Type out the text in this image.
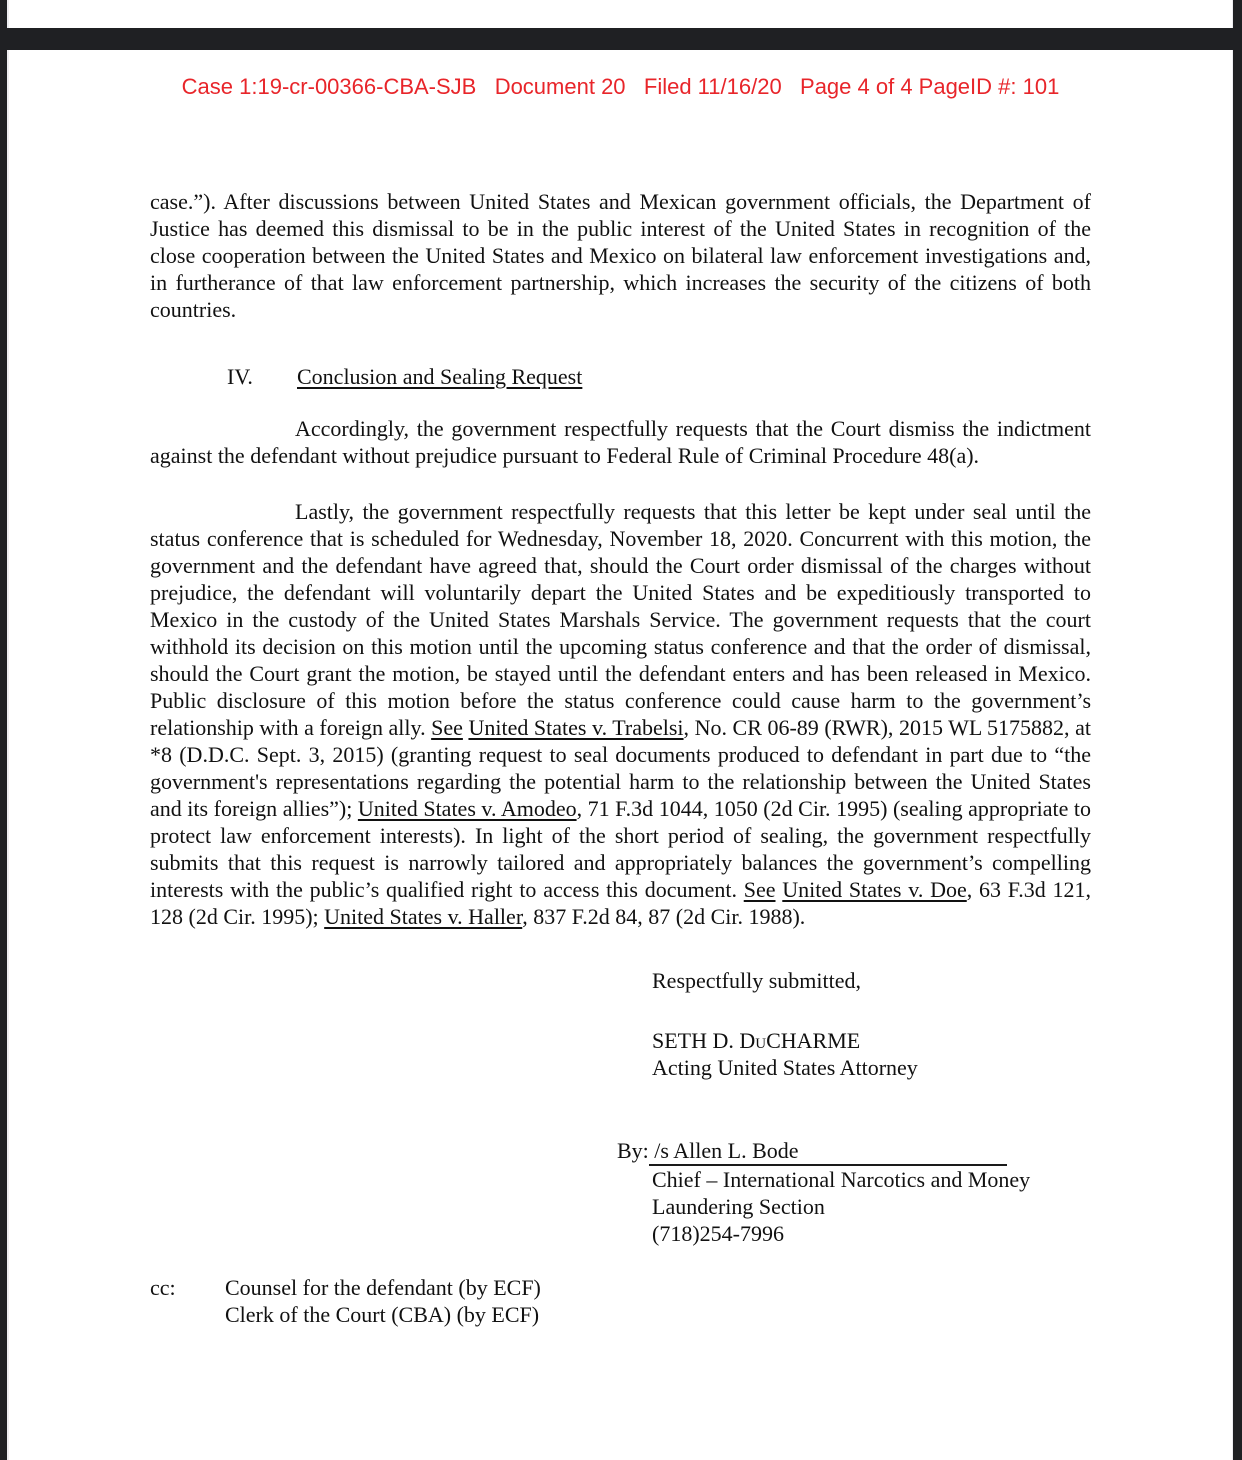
Case 1:19-cr-00366-CBA-SJB   Document 20   Filed 11/16/20   Page 4 of 4 PageID #: 101

case.”). After discussions between United States and Mexican government officials, the Department of Justice has deemed this dismissal to be in the public interest of the United States in recognition of the close cooperation between the United States and Mexico on bilateral law enforcement investigations and, in furtherance of that law enforcement partnership, which increases the security of the citizens of both countries.

IV. Conclusion and Sealing Request

Accordingly, the government respectfully requests that the Court dismiss the indictment against the defendant without prejudice pursuant to Federal Rule of Criminal Procedure 48(a).

Lastly, the government respectfully requests that this letter be kept under seal until the status conference that is scheduled for Wednesday, November 18, 2020. Concurrent with this motion, the government and the defendant have agreed that, should the Court order dismissal of the charges without prejudice, the defendant will voluntarily depart the United States and be expeditiously transported to Mexico in the custody of the United States Marshals Service. The government requests that the court withhold its decision on this motion until the upcoming status conference and that the order of dismissal, should the Court grant the motion, be stayed until the defendant enters and has been released in Mexico. Public disclosure of this motion before the status conference could cause harm to the government’s relationship with a foreign ally. See United States v. Trabelsi, No. CR 06-89 (RWR), 2015 WL 5175882, at *8 (D.D.C. Sept. 3, 2015) (granting request to seal documents produced to defendant in part due to “the government's representations regarding the potential harm to the relationship between the United States and its foreign allies”); United States v. Amodeo, 71 F.3d 1044, 1050 (2d Cir. 1995) (sealing appropriate to protect law enforcement interests). In light of the short period of sealing, the government respectfully submits that this request is narrowly tailored and appropriately balances the government’s compelling interests with the public’s qualified right to access this document. See United States v. Doe, 63 F.3d 121, 128 (2d Cir. 1995); United States v. Haller, 837 F.2d 84, 87 (2d Cir. 1988).

Respectfully submitted,
SETH D. DuCHARME
Acting United States Attorney
By: /s Allen L. Bode
Chief – International Narcotics and Money
Laundering Section
(718)254-7996
cc:	Counsel for the defendant (by ECF)
Clerk of the Court (CBA) (by ECF)
